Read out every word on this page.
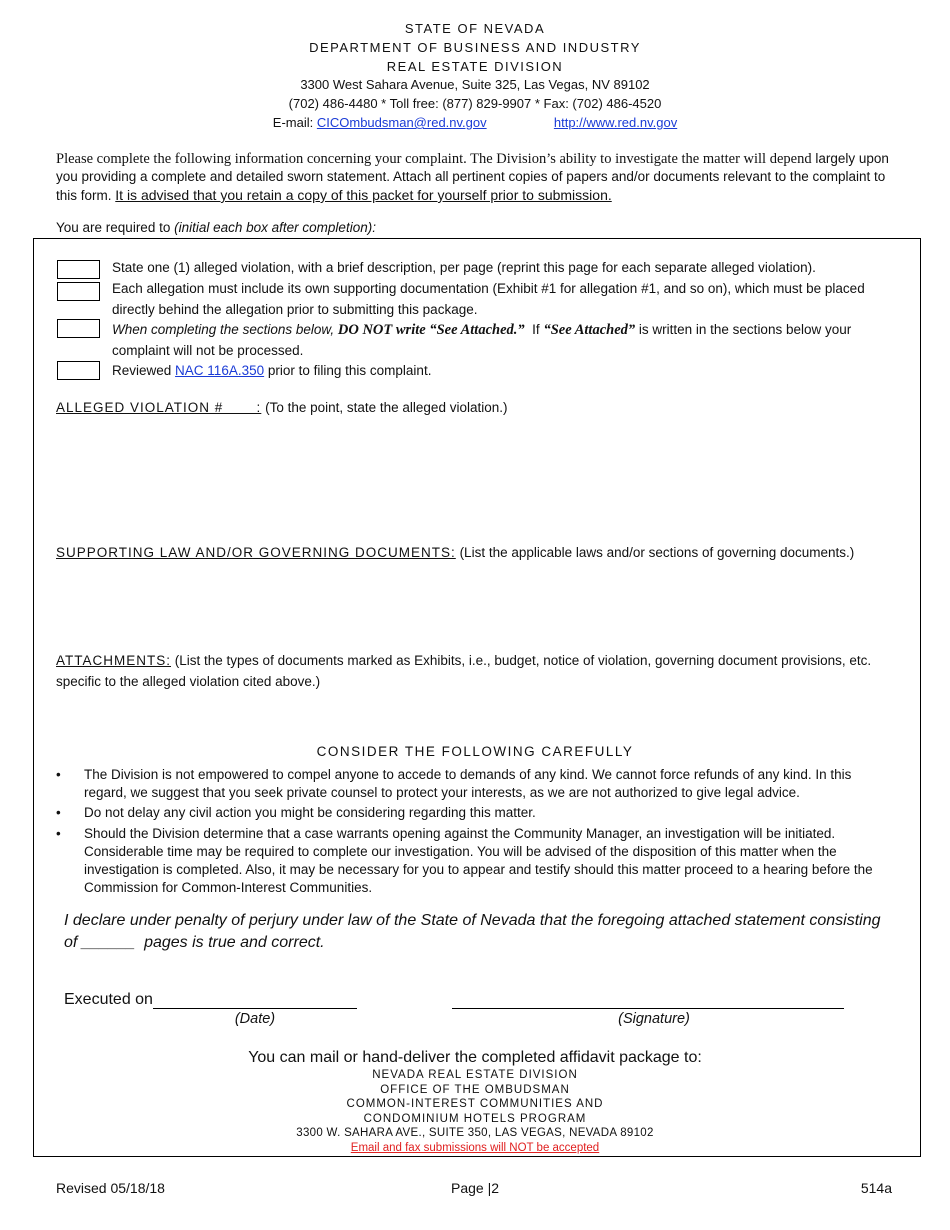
STATE OF NEVADA
DEPARTMENT OF BUSINESS AND INDUSTRY
REAL ESTATE DIVISION
3300 West Sahara Avenue, Suite 325, Las Vegas, NV 89102
(702) 486-4480 * Toll free: (877) 829-9907 * Fax: (702) 486-4520
E-mail: CICOmbudsman@red.nv.gov	http://www.red.nv.gov
Please complete the following information concerning your complaint. The Division’s ability to investigate the matter will depend largely upon you providing a complete and detailed sworn statement. Attach all pertinent copies of papers and/or documents relevant to the complaint to this form. It is advised that you retain a copy of this packet for yourself prior to submission.
You are required to (initial each box after completion):
State one (1) alleged violation, with a brief description, per page (reprint this page for each separate alleged violation).
Each allegation must include its own supporting documentation (Exhibit #1 for allegation #1, and so on), which must be placed directly behind the allegation prior to submitting this package.
When completing the sections below, DO NOT write “See Attached.” If “See Attached” is written in the sections below your complaint will not be processed.
Reviewed NAC 116A.350 prior to filing this complaint.
ALLEGED VIOLATION #       : (To the point, state the alleged violation.)
SUPPORTING LAW AND/OR GOVERNING DOCUMENTS: (List the applicable laws and/or sections of governing documents.)
ATTACHMENTS: (List the types of documents marked as Exhibits, i.e., budget, notice of violation, governing document provisions, etc. specific to the alleged violation cited above.)
CONSIDER THE FOLLOWING CAREFULLY
• The Division is not empowered to compel anyone to accede to demands of any kind. We cannot force refunds of any kind. In this regard, we suggest that you seek private counsel to protect your interests, as we are not authorized to give legal advice.
• Do not delay any civil action you might be considering regarding this matter.
• Should the Division determine that a case warrants opening against the Community Manager, an investigation will be initiated. Considerable time may be required to complete our investigation. You will be advised of the disposition of this matter when the investigation is completed. Also, it may be necessary for you to appear and testify should this matter proceed to a hearing before the Commission for Common-Interest Communities.
I declare under penalty of perjury under law of the State of Nevada that the foregoing attached statement consisting
of ______  pages is true and correct.
Executed on
(Date)	(Signature)
You can mail or hand-deliver the completed affidavit package to:
NEVADA REAL ESTATE DIVISION
OFFICE OF THE OMBUDSMAN
COMMON-INTEREST COMMUNITIES AND
CONDOMINIUM HOTELS PROGRAM
3300 W. SAHARA AVE., SUITE 350, LAS VEGAS, NEVADA 89102
Email and fax submissions will NOT be accepted
Revised 05/18/18	Page |2	514a
